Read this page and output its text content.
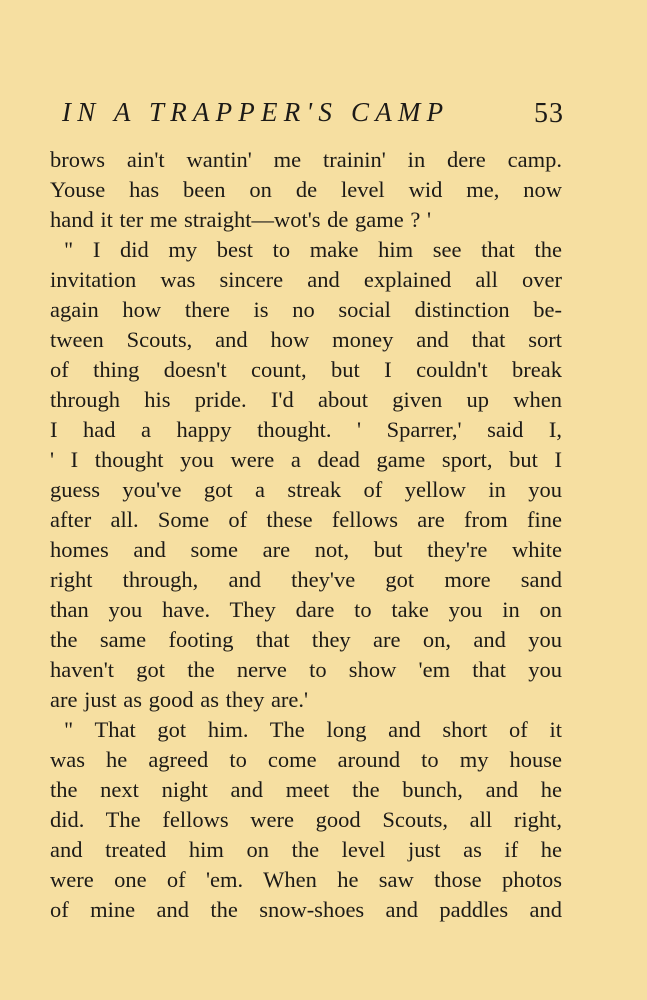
IN A TRAPPER'S CAMP	53
brows ain't wantin' me trainin' in dere camp.
Youse has been on de level wid me, now
hand it ter me straight—wot's de game ? '
" I did my best to make him see that the
invitation was sincere and explained all over
again how there is no social distinction be-
tween Scouts, and how money and that sort
of thing doesn't count, but I couldn't break
through his pride. I'd about given up when
I had a happy thought. ' Sparrer,' said I,
' I thought you were a dead game sport, but I
guess you've got a streak of yellow in you
after all. Some of these fellows are from fine
homes and some are not, but they're white
right through, and they've got more sand
than you have. They dare to take you in on
the same footing that they are on, and you
haven't got the nerve to show 'em that you
are just as good as they are.'
" That got him. The long and short of it
was he agreed to come around to my house
the next night and meet the bunch, and he
did. The fellows were good Scouts, all right,
and treated him on the level just as if he
were one of 'em. When he saw those photos
of mine and the snow-shoes and paddles and
